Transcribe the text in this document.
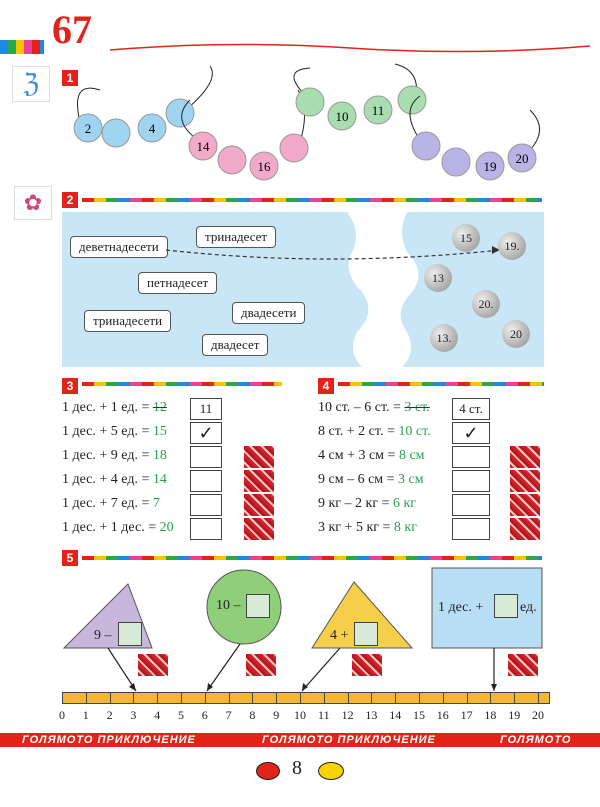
67
ℨ	1
2	4
14
16
10 11
19
20
✿	2
деветнадесети
тринадесет
петнадесет
тринадесети
двадесети
двадесет
15
19.
13
20.
13.	20
3
1 дес. + 1 ед. = 12	11
1 дес. + 5 ед. = 15	✓
1 дес. + 9 ед. = 18
1 дес. + 4 ед. = 14
1 дес. + 7 ед. = 7
1 дес. + 1 дес. = 20
4
10 ст. – 6 ст. = 3 ст.	4 ст.
8 ст. + 2 ст. = 10 ст.	✓
4 см + 3 см = 8 см
9 см – 6 см = 3 см
9 кг – 2 кг = 6 кг
3 кг + 5 кг = 8 кг
5
9 –
10 –
4 +
1 дес. +	ед.
0	1	2	3	4	5	6	7	8	9	10	11	12 13 14 15 16 17 18 19 20
ГОЛЯМОТО ПРИКЛЮЧЕНИЕ	ГОЛЯМОТО ПРИКЛЮЧЕНИЕ	ГОЛЯМОТО
8
